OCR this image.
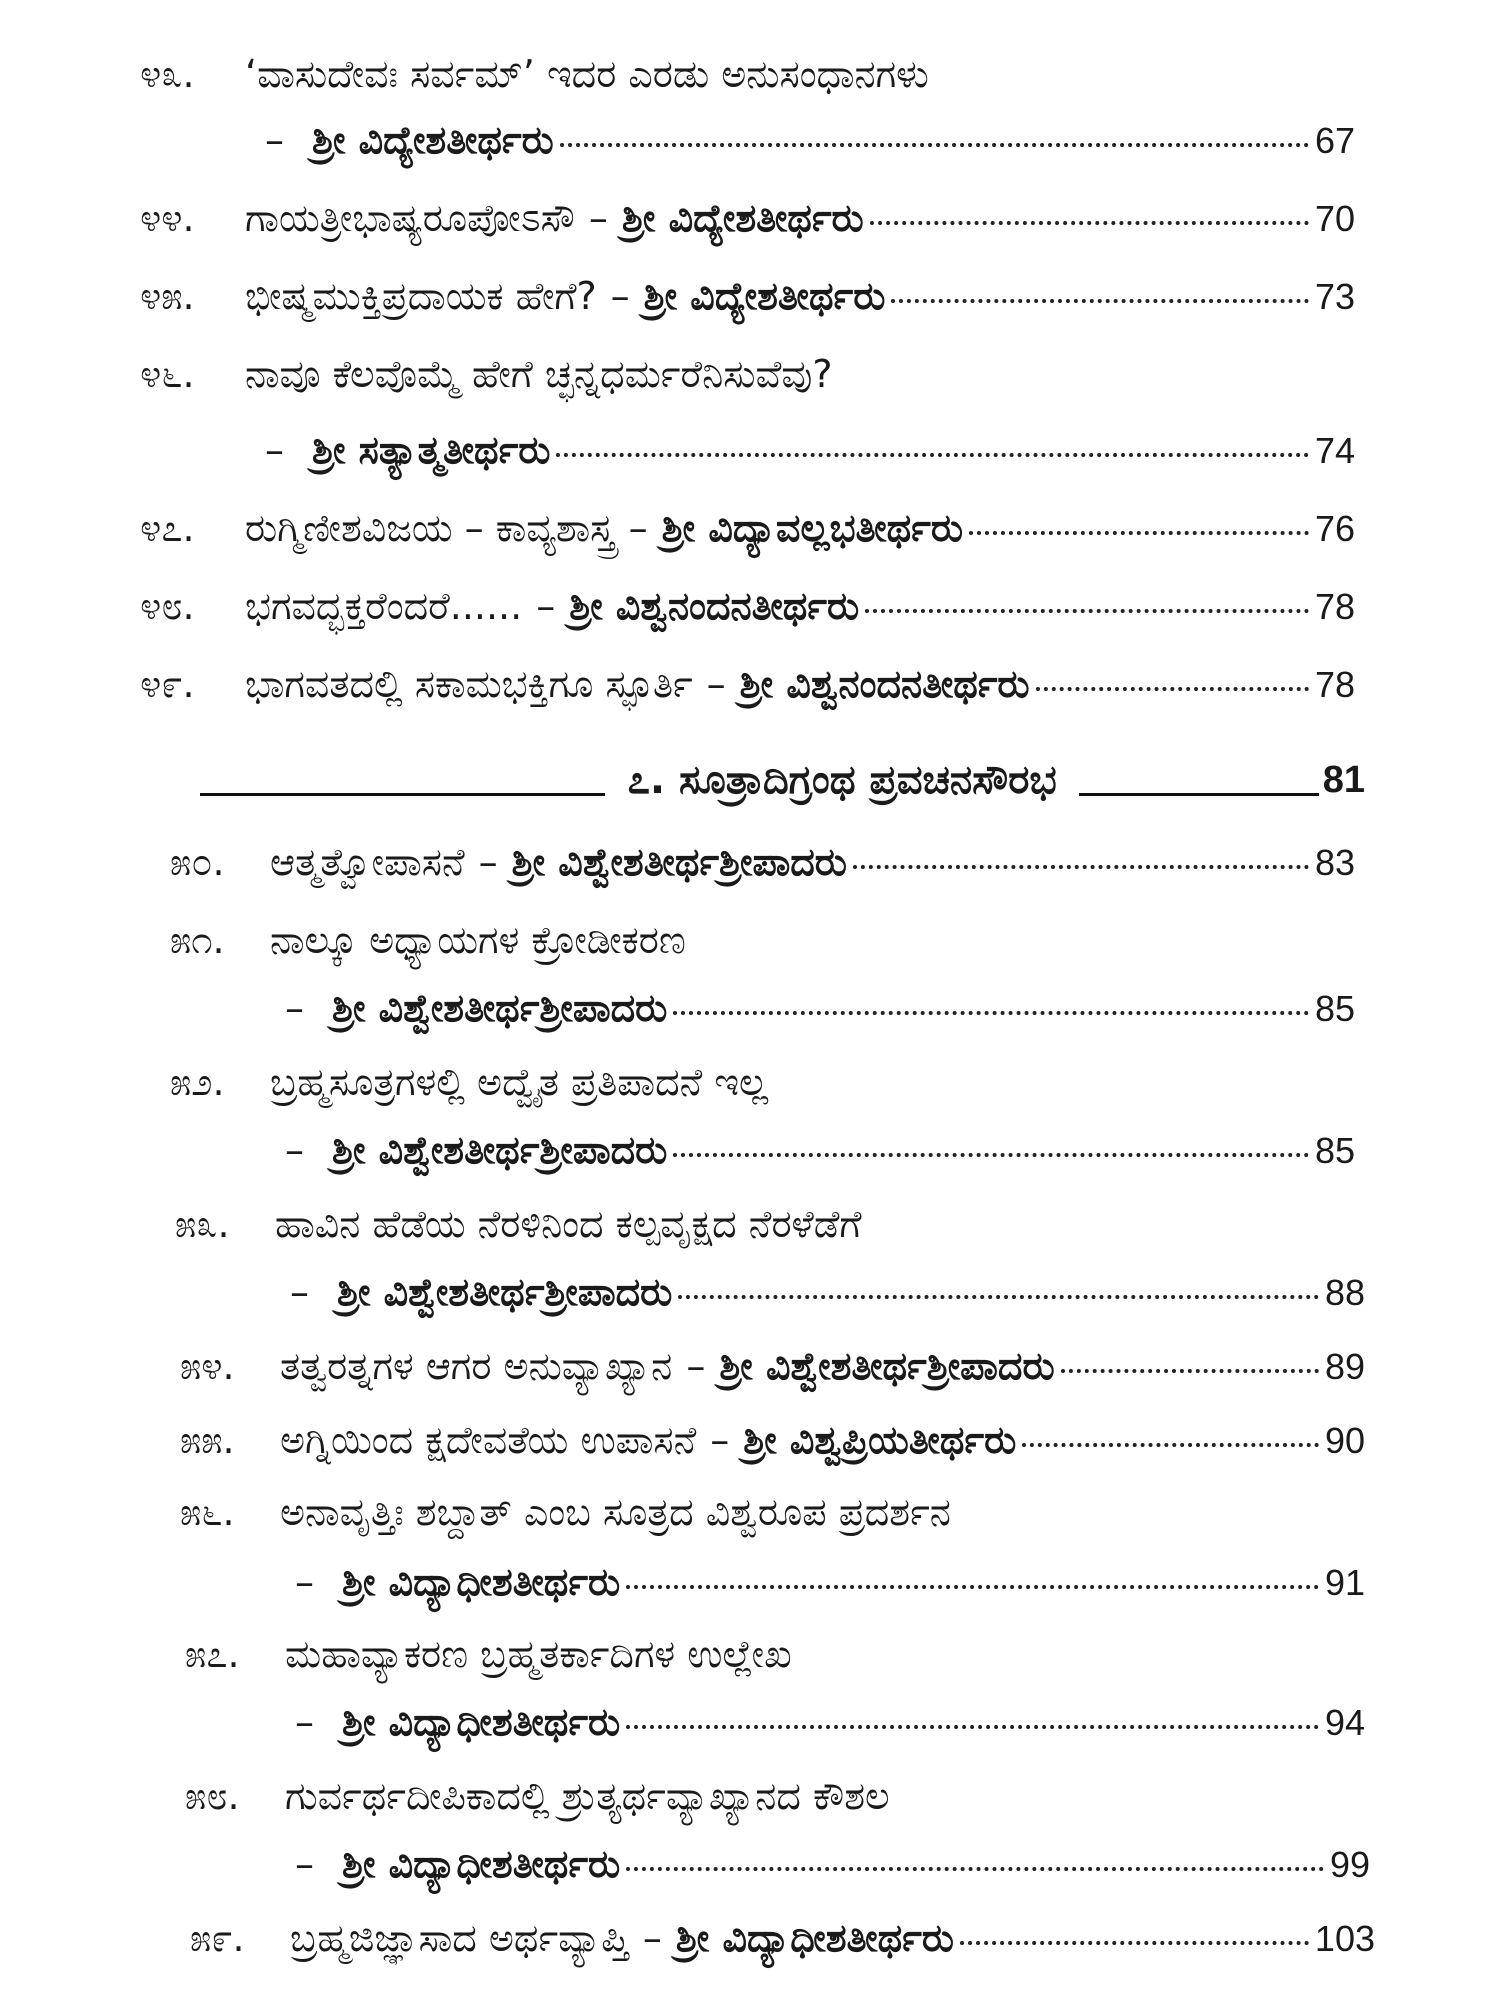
೪೩.	‘ವಾಸುದೇವಃ ಸರ್ವಮ್’ ಇದರ ಎರಡು ಅನುಸಂಧಾನಗಳು
– ಶ್ರೀ ವಿದ್ಯೇಶತೀರ್ಥರು	67
೪೪.	ಗಾಯತ್ರೀಭಾಷ್ಯರೂಪೋಽಸೌ – ಶ್ರೀ ವಿದ್ಯೇಶತೀರ್ಥರು	70
೪೫.	ಭೀಷ್ಮಮುಕ್ತಿಪ್ರದಾಯಕ ಹೇಗೆ? – ಶ್ರೀ ವಿದ್ಯೇಶತೀರ್ಥರು	73
೪೬.	ನಾವೂ ಕೆಲವೊಮ್ಮೆ ಹೇಗೆ ಚ್ಛನ್ನಧರ್ಮರೆನಿಸುವೆವು?
– ಶ್ರೀ ಸತ್ಯಾತ್ಮತೀರ್ಥರು	74
೪೭.	ರುಗ್ಮಿಣೀಶವಿಜಯ – ಕಾವ್ಯಶಾಸ್ತ್ರ – ಶ್ರೀ ವಿದ್ಯಾವಲ್ಲಭತೀರ್ಥರು	76
೪೮.	ಭಗವದ್ಭಕ್ತರೆಂದರೆ...... – ಶ್ರೀ ವಿಶ್ವನಂದನತೀರ್ಥರು	78
೪೯.	ಭಾಗವತದಲ್ಲಿ ಸಕಾಮಭಕ್ತಿಗೂ ಸ್ಫೂರ್ತಿ – ಶ್ರೀ ವಿಶ್ವನಂದನತೀರ್ಥರು	78
೭. ಸೂತ್ರಾದಿಗ್ರಂಥ ಪ್ರವಚನಸೌರಭ	81
೫೦.	ಆತ್ಮತ್ವೋಪಾಸನೆ – ಶ್ರೀ ವಿಶ್ವೇಶತೀರ್ಥಶ್ರೀಪಾದರು	83
೫೧.	ನಾಲ್ಕೂ ಅಧ್ಯಾಯಗಳ ಕ್ರೋಡೀಕರಣ
– ಶ್ರೀ ವಿಶ್ವೇಶತೀರ್ಥಶ್ರೀಪಾದರು	85
೫೨.	ಬ್ರಹ್ಮಸೂತ್ರಗಳಲ್ಲಿ ಅದ್ವೈತ ಪ್ರತಿಪಾದನೆ ಇಲ್ಲ
– ಶ್ರೀ ವಿಶ್ವೇಶತೀರ್ಥಶ್ರೀಪಾದರು	85
೫೩.	ಹಾವಿನ ಹೆಡೆಯ ನೆರಳಿನಿಂದ ಕಲ್ಪವೃಕ್ಷದ ನೆರಳೆಡೆಗೆ
– ಶ್ರೀ ವಿಶ್ವೇಶತೀರ್ಥಶ್ರೀಪಾದರು	88
೫೪.	ತತ್ವರತ್ನಗಳ ಆಗರ ಅನುವ್ಯಾಖ್ಯಾನ – ಶ್ರೀ ವಿಶ್ವೇಶತೀರ್ಥಶ್ರೀಪಾದರು	89
೫೫.	ಅಗ್ನಿಯಿಂದ ಕ್ಷದೇವತೆಯ ಉಪಾಸನೆ – ಶ್ರೀ ವಿಶ್ವಪ್ರಿಯತೀರ್ಥರು	90
೫೬.	ಅನಾವೃತ್ತಿಃ ಶಬ್ದಾತ್ ಎಂಬ ಸೂತ್ರದ ವಿಶ್ವರೂಪ ಪ್ರದರ್ಶನ
– ಶ್ರೀ ವಿದ್ಯಾಧೀಶತೀರ್ಥರು	91
೫೭.	ಮಹಾವ್ಯಾಕರಣ ಬ್ರಹ್ಮತರ್ಕಾದಿಗಳ ಉಲ್ಲೇಖ
– ಶ್ರೀ ವಿದ್ಯಾಧೀಶತೀರ್ಥರು	94
೫೮.	ಗುರ್ವರ್ಥದೀಪಿಕಾದಲ್ಲಿ ಶ್ರುತ್ಯರ್ಥವ್ಯಾಖ್ಯಾನದ ಕೌಶಲ
– ಶ್ರೀ ವಿದ್ಯಾಧೀಶತೀರ್ಥರು	99
೫೯.	ಬ್ರಹ್ಮಜಿಜ್ಞಾಸಾದ ಅರ್ಥವ್ಯಾಪ್ತಿ – ಶ್ರೀ ವಿದ್ಯಾಧೀಶತೀರ್ಥರು	103
